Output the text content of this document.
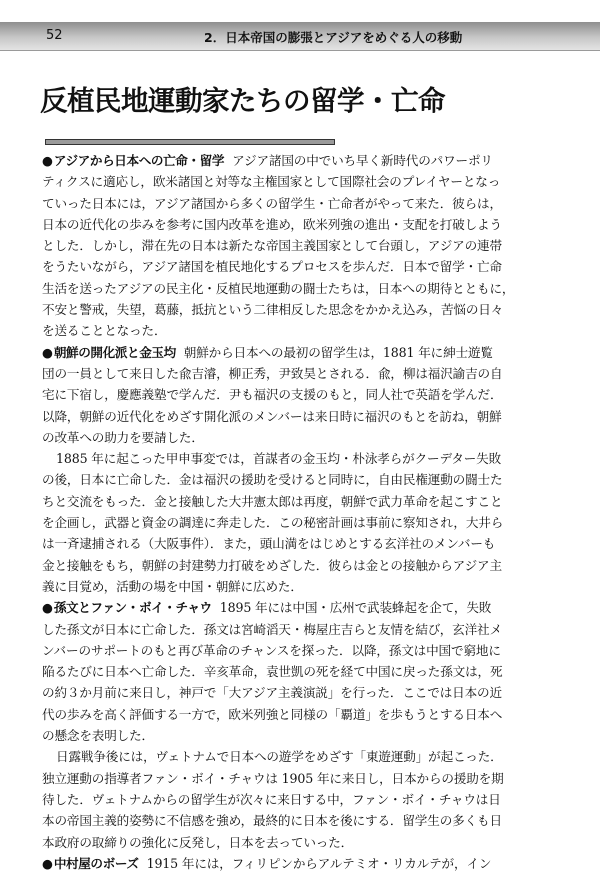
52	2．日本帝国の膨張とアジアをめぐる人の移動
反植民地運動家たちの留学・亡命
●アジアから日本への亡命・留学 アジア諸国の中でいち早く新時代のパワーポリ
ティクスに適応し，欧米諸国と対等な主権国家として国際社会のプレイヤーとなっ
ていった日本には，アジア諸国から多くの留学生・亡命者がやって来た．彼らは，
日本の近代化の歩みを参考に国内改革を進め，欧米列強の進出・支配を打破しよう
とした．しかし，滞在先の日本は新たな帝国主義国家として台頭し，アジアの連帯
をうたいながら，アジア諸国を植民地化するプロセスを歩んだ．日本で留学・亡命
生活を送ったアジアの民主化・反植民地運動の闘士たちは，日本への期待とともに，
不安と警戒，失望，葛藤，抵抗という二律相反した思念をかかえ込み，苦悩の日々
を送ることとなった．
●朝鮮の開化派と金玉均 朝鮮から日本への最初の留学生は，1881 年に紳士遊覧
団の一員として来日した兪吉濬，柳正秀，尹致昊とされる．兪，柳は福沢諭吉の自
宅に下宿し，慶應義塾で学んだ．尹も福沢の支援のもと，同人社で英語を学んだ．
以降，朝鮮の近代化をめざす開化派のメンバーは来日時に福沢のもとを訪ね，朝鮮
の改革への助力を要請した．
1885 年に起こった甲申事変では，首謀者の金玉均・朴泳孝らがクーデター失敗
の後，日本に亡命した．金は福沢の援助を受けると同時に，自由民権運動の闘士た
ちと交流をもった．金と接触した大井憲太郎は再度，朝鮮で武力革命を起こすこと
を企画し，武器と資金の調達に奔走した．この秘密計画は事前に察知され，大井ら
は一斉逮捕される（大阪事件）．また，頭山満をはじめとする玄洋社のメンバーも
金と接触をもち，朝鮮の封建勢力打破をめざした．彼らは金との接触からアジア主
義に目覚め，活動の場を中国・朝鮮に広めた．
●孫文とファン・ボイ・チャウ 1895 年には中国・広州で武装蜂起を企て，失敗
した孫文が日本に亡命した．孫文は宮崎滔天・梅屋庄吉らと友情を結び，玄洋社メ
ンバーのサポートのもと再び革命のチャンスを探った．以降，孫文は中国で窮地に
陥るたびに日本へ亡命した．辛亥革命，袁世凱の死を経て中国に戻った孫文は，死
の約３か月前に来日し，神戸で「大アジア主義演説」を行った．ここでは日本の近
代の歩みを高く評価する一方で，欧米列強と同様の「覇道」を歩もうとする日本へ
の懸念を表明した．
日露戦争後には，ヴェトナムで日本への遊学をめざす「東遊運動」が起こった．
独立運動の指導者ファン・ボイ・チャウは 1905 年に来日し，日本からの援助を期
待した．ヴェトナムからの留学生が次々に来日する中，ファン・ボイ・チャウは日
本の帝国主義的姿勢に不信感を強め，最終的に日本を後にする．留学生の多くも日
本政府の取締りの強化に反発し，日本を去っていった．
●中村屋のボーズ 1915 年には，フィリピンからアルテミオ・リカルテが，イン
